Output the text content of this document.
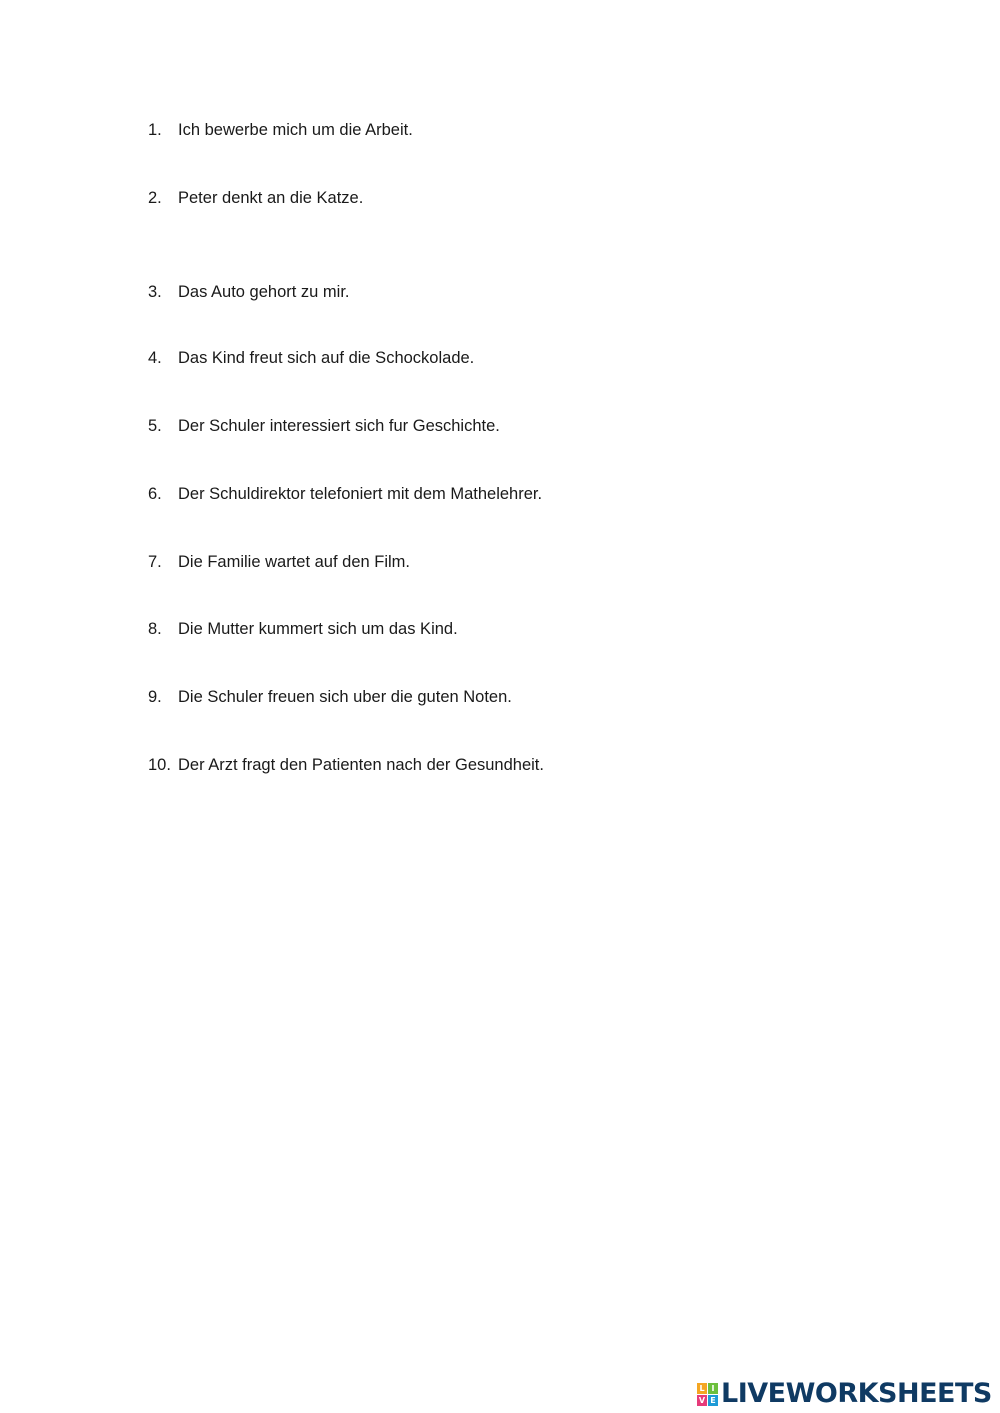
1. Ich bewerbe mich um die Arbeit.
2. Peter denkt an die Katze.
3. Das Auto gehort zu mir.
4. Das Kind freut sich auf die Schockolade.
5. Der Schuler interessiert sich fur Geschichte.
6. Der Schuldirektor telefoniert mit dem Mathelehrer.
7. Die Familie wartet auf den Film.
8. Die Mutter kummert sich um das Kind.
9. Die Schuler freuen sich uber die guten Noten.
10. Der Arzt fragt den Patienten nach der Gesundheit.
L I
V E LIVEWORKSHEETS
